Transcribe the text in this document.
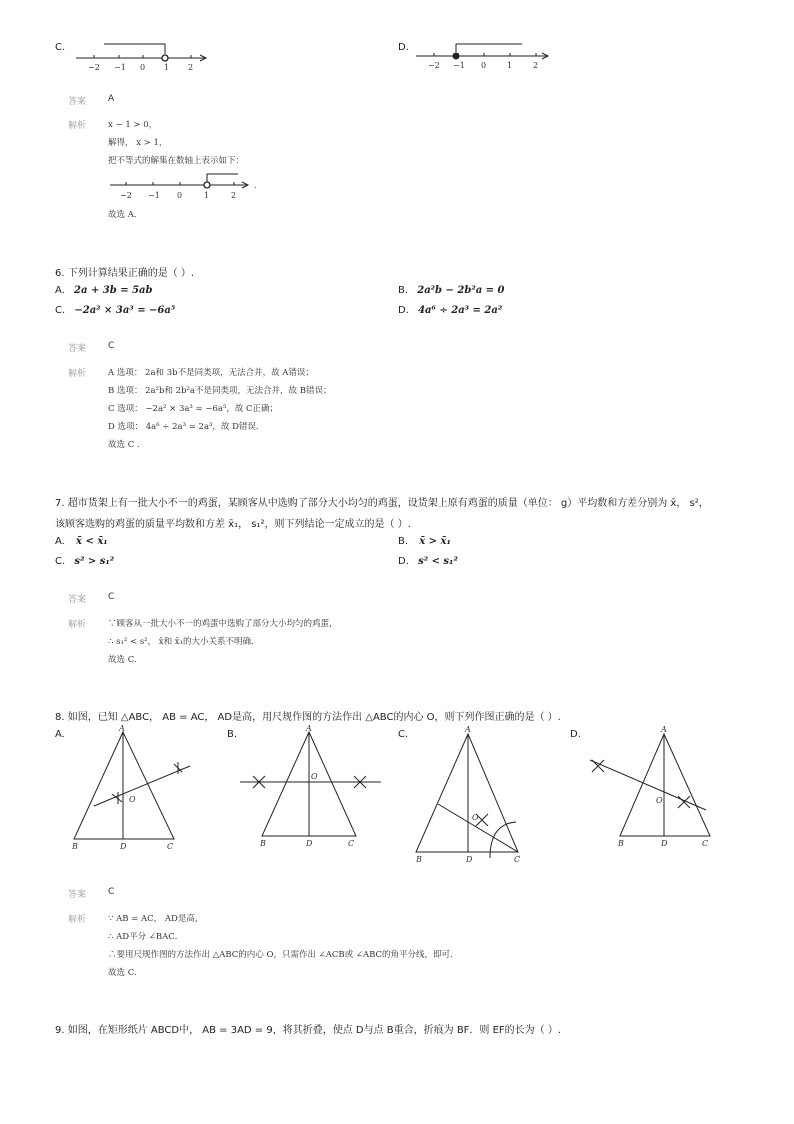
C.
−2 −1 0 1 2
D.
−2 −1 0	1	2
答案 A
解析	x − 1 > 0，
解得， x > 1，
把不等式的解集在数轴上表示如下：
−2 −1 0	1	2
.
故选 A．
6. 下列计算结果正确的是（ ）.
A. 2a + 3b = 5ab	B. 2a²b − 2b²a = 0
C. −2a² × 3a³ = −6a⁵	D. 4a⁶ ÷ 2a³ = 2a²
答案 C
解析	A 选项： 2a和 3b不是同类项，无法合并，故 A错误；
B 选项： 2a²b和 2b²a不是同类项，无法合并，故 B错误；
C 选项： −2a² × 3a³ = −6a⁵，故 C正确；
D 选项： 4a⁶ ÷ 2a³ = 2a³，故 D错误．
故选 C .
7. 超市货架上有一批大小不一的鸡蛋，某顾客从中选购了部分大小均匀的鸡蛋，设货架上原有鸡蛋的质量（单位： g）平均数和方差分别为 x̄， s²，
该顾客选购的鸡蛋的质量平均数和方差 x̄₁， s₁²，则下列结论一定成立的是（ ）.
A. x̄ < x̄₁	B. x̄ > x̄₁
C. s² > s₁²	D. s² < s₁²
答案 C
解析	∵顾客从一批大小不一的鸡蛋中选购了部分大小均匀的鸡蛋，
∴ s₁² < s²， x̄和 x̄₁的大小关系不明确．
故选 C.
8. 如图，已知 △ABC， AB = AC， AD是高，用尺规作图的方法作出 △ABC的内心 O，则下列作图正确的是（ ）.
A.	B.	C.	D.
A
B	C
D
O
A
B	C
D
O
A
B	C
D
O
A
B	C
D
O
答案 C
解析	∵ AB = AC， AD是高，
∴ AD平分 ∠BAC．
∴要用尺规作图的方法作出 △ABC的内心 O，只需作出 ∠ACB或 ∠ABC的角平分线，即可．
故选 C.
9. 如图，在矩形纸片 ABCD中， AB = 3AD = 9，将其折叠，使点 D与点 B重合，折痕为 BF．则 EF的长为（ ）.
